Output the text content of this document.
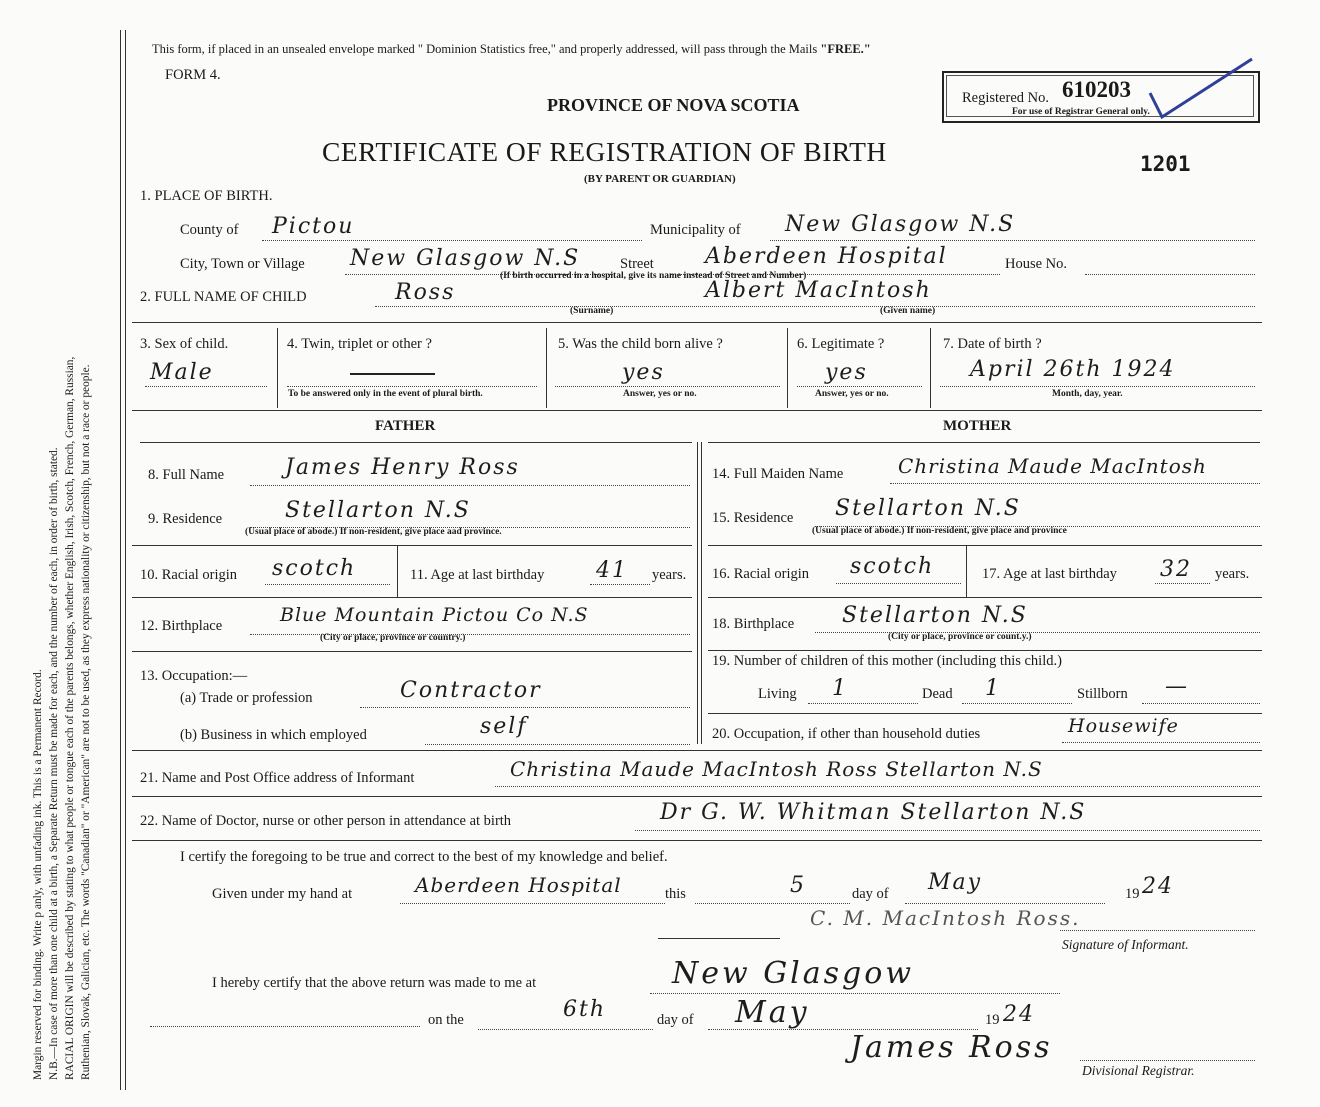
Margin reserved for binding. Write p anly, with unfading ink. This is a Permanent Record. N.B.—In case of more than one child at a birth, a Separate Return must be made for each, and the number of each, in order of birth, stated. RACIAL ORIGIN will be described by stating to what people or tongue each of the parents belongs, whether English, Irish, Scotch, French, German, Russian, Ruthenian, Slovak, Galician, etc. The words "Canadian" or "American" are not to be used, as they express nationality or citizenship, but not a race or people.
This form, if placed in an unsealed envelope marked " Dominion Statistics free," and properly addressed, will pass through the Mails "FREE."
FORM 4.
PROVINCE OF NOVA SCOTIA
CERTIFICATE OF REGISTRATION OF BIRTH
(BY PARENT OR GUARDIAN)
Registered No. 610203
For use of Registrar General only.
1201
1. PLACE OF BIRTH.
County of Pictou	Municipality of New Glasgow N.S
City, Town or Village New Glasgow N.S	Street Aberdeen Hospital	House No.
(If birth occurred in a hospital, give its name instead of Street and Number)
2. FULL NAME OF CHILD	Ross	Albert MacIntosh
(Surname)	(Given name)
3. Sex of child.
Male
4. Twin, triplet or other ?
To be answered only in the event of plural birth.
5. Was the child born alive ?
yes
Answer, yes or no.
6. Legitimate ?
yes
Answer, yes or no.
7. Date of birth ?
April 26th 1924
Month, day, year.
FATHER	MOTHER
8. Full Name	James Henry Ross
9. Residence	Stellarton N.S
(Usual place of abode.) If non-resident, give place aad province.
10. Racial origin scotch	11. Age at last birthday 41 years.
12. Birthplace	Blue Mountain Pictou Co N.S
(City or place, province or country.)
13. Occupation:—
(a) Trade or profession	Contractor
(b) Business in which employed	self
14. Full Maiden Name	Christina Maude MacIntosh
15. Residence Stellarton N.S
(Usual place of abode.) If non-resident, give place and province
16. Racial origin scotch	17. Age at last birthday 32 years.
18. Birthplace Stellarton N.S
(City or place, province or count.y.)
19. Number of children of this mother (including this child.)
Living 1	Dead 1	Stillborn —
20. Occupation, if other than household duties	Housewife
21. Name and Post Office address of Informant	Christina Maude MacIntosh Ross Stellarton N.S
22. Name of Doctor, nurse or other person in attendance at birth	Dr G. W. Whitman Stellarton N.S
I certify the foregoing to be true and correct to the best of my knowledge and belief.
Given under my hand at	Aberdeen Hospital	this	5	day of May	19 24
C. M. MacIntosh Ross.
Signature of Informant.
I hereby certify that the above return was made to me at	New Glasgow
on the	6th	day of May	19 24
James Ross
Divisional Registrar.
